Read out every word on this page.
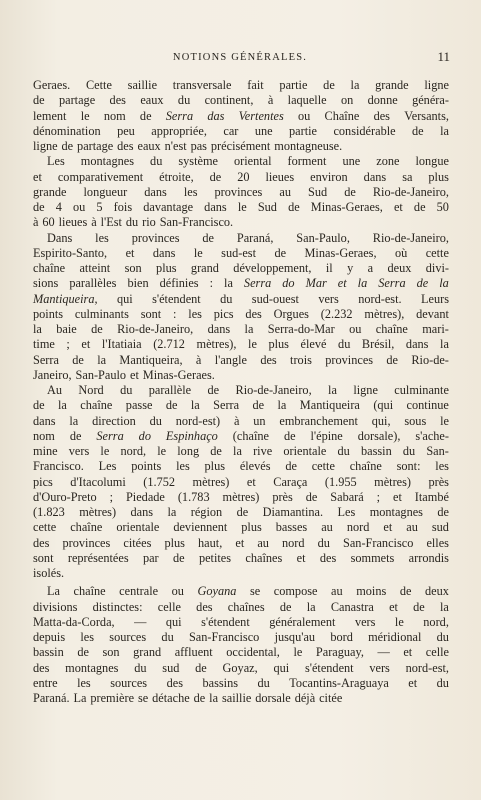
NOTIONS GÉNÉRALES.	11
Geraes. Cette saillie transversale fait partie de la grande ligne
de partage des eaux du continent, à laquelle on donne généra-
lement le nom de Serra das Vertentes ou Chaîne des Versants,
dénomination peu appropriée, car une partie considérable de la
ligne de partage des eaux n'est pas précisément montagneuse.
Les montagnes du système oriental forment une zone longue
et comparativement étroite, de 20 lieues environ dans sa plus
grande longueur dans les provinces au Sud de Rio-de-Janeiro,
de 4 ou 5 fois davantage dans le Sud de Minas-Geraes, et de 50
à 60 lieues à l'Est du rio San-Francisco.
Dans les provinces de Paraná, San-Paulo, Rio-de-Janeiro,
Espirito-Santo, et dans le sud-est de Minas-Geraes, où cette
chaîne atteint son plus grand développement, il y a deux divi-
sions parallèles bien définies : la Serra do Mar et la Serra de la
Mantiqueira, qui s'étendent du sud-ouest vers nord-est. Leurs
points culminants sont : les pics des Orgues (2.232 mètres), devant
la baie de Rio-de-Janeiro, dans la Serra-do-Mar ou chaîne mari-
time ; et l'Itatiaia (2.712 mètres), le plus élevé du Brésil, dans la
Serra de la Mantiqueira, à l'angle des trois provinces de Rio-de-
Janeiro, San-Paulo et Minas-Geraes.
Au Nord du parallèle de Rio-de-Janeiro, la ligne culminante
de la chaîne passe de la Serra de la Mantiqueira (qui continue
dans la direction du nord-est) à un embranchement qui, sous le
nom de Serra do Espinhaço (chaîne de l'épine dorsale), s'ache-
mine vers le nord, le long de la rive orientale du bassin du San-
Francisco. Les points les plus élevés de cette chaîne sont: les
pics d'Itacolumi (1.752 mètres) et Caraça (1.955 mètres) près
d'Ouro-Preto ; Piedade (1.783 mètres) près de Sabará ; et Itambé
(1.823 mètres) dans la région de Diamantina. Les montagnes de
cette chaîne orientale deviennent plus basses au nord et au sud
des provinces citées plus haut, et au nord du San-Francisco elles
sont représentées par de petites chaînes et des sommets arrondis
isolés.
La chaîne centrale ou Goyana se compose au moins de deux
divisions distinctes: celle des chaînes de la Canastra et de la
Matta-da-Corda, — qui s'étendent généralement vers le nord,
depuis les sources du San-Francisco jusqu'au bord méridional du
bassin de son grand affluent occidental, le Paraguay, — et celle
des montagnes du sud de Goyaz, qui s'étendent vers nord-est,
entre les sources des bassins du Tocantins-Araguaya et du
Paraná. La première se détache de la saillie dorsale déjà citée
